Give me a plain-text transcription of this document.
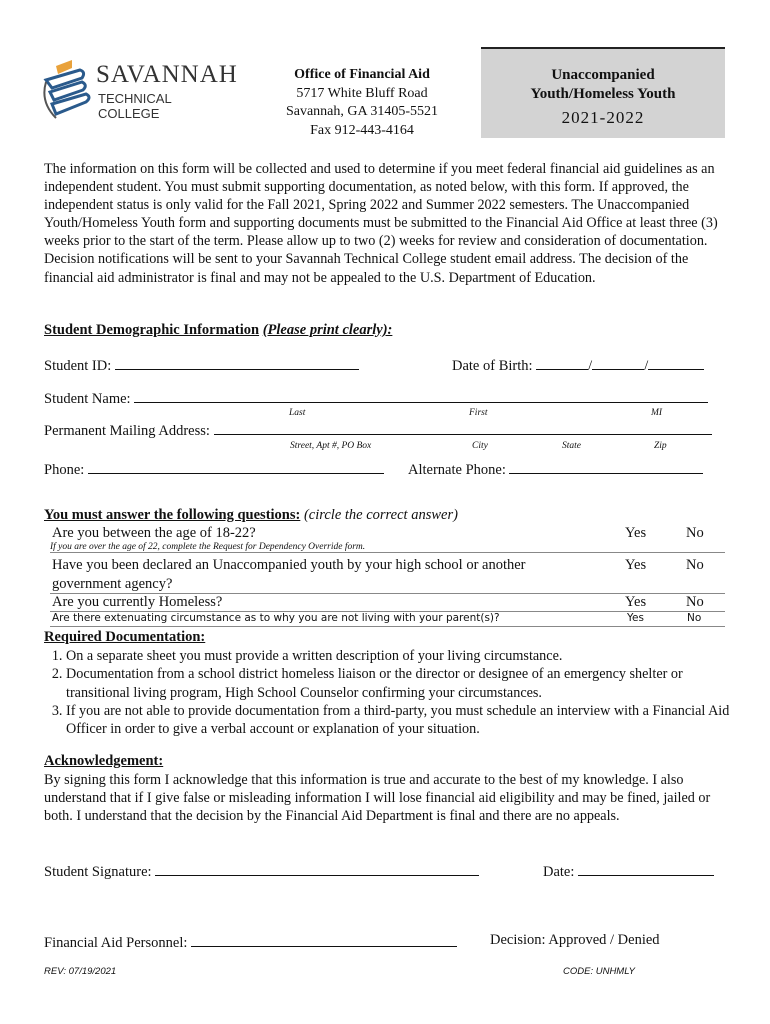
SAVANNAH
TECHNICAL COLLEGE
Office of Financial Aid
5717 White Bluff Road
Savannah, GA 31405-5521
Fax 912-443-4164
Unaccompanied
Youth/Homeless Youth
2021-2022
The information on this form will be collected and used to determine if you meet federal financial aid guidelines as an independent student. You must submit supporting documentation, as noted below, with this form. If approved, the independent status is only valid for the Fall 2021, Spring 2022 and Summer 2022 semesters. The Unaccompanied Youth/Homeless Youth form and supporting documents must be submitted to the Financial Aid Office at least three (3) weeks prior to the start of the term. Please allow up to two (2) weeks for review and consideration of documentation. Decision notifications will be sent to your Savannah Technical College student email address. The decision of the financial aid administrator is final and may not be appealed to the U.S. Department of Education.
Student Demographic Information (Please print clearly):
Student ID:	Date of Birth:	/	/
Student Name:
Last	First	MI
Permanent Mailing Address:
Street, Apt #, PO Box	City	State	Zip
Phone:	Alternate Phone:
You must answer the following questions: (circle the correct answer)
Are you between the age of 18-22?	Yes	No
If you are over the age of 22, complete the Request for Dependency Override form.
Have you been declared an Unaccompanied youth by your high school or another
government agency?
Yes	No
Are you currently Homeless?	Yes	No
Are there extenuating circumstance as to why you are not living with your parent(s)?	Yes	No
Required Documentation:
1. On a separate sheet you must provide a written description of your living circumstance.
2. Documentation from a school district homeless liaison or the director or designee of an emergency shelter or transitional living program, High School Counselor confirming your circumstances.
3. If you are not able to provide documentation from a third-party, you must schedule an interview with a Financial Aid Officer in order to give a verbal account or explanation of your situation.
Acknowledgement:
By signing this form I acknowledge that this information is true and accurate to the best of my knowledge. I also understand that if I give false or misleading information I will lose financial aid eligibility and may be fined, jailed or both. I understand that the decision by the Financial Aid Department is final and there are no appeals.
Student Signature:	Date:
Financial Aid Personnel:	Decision: Approved / Denied
REV: 07/19/2021	CODE: UNHMLY
